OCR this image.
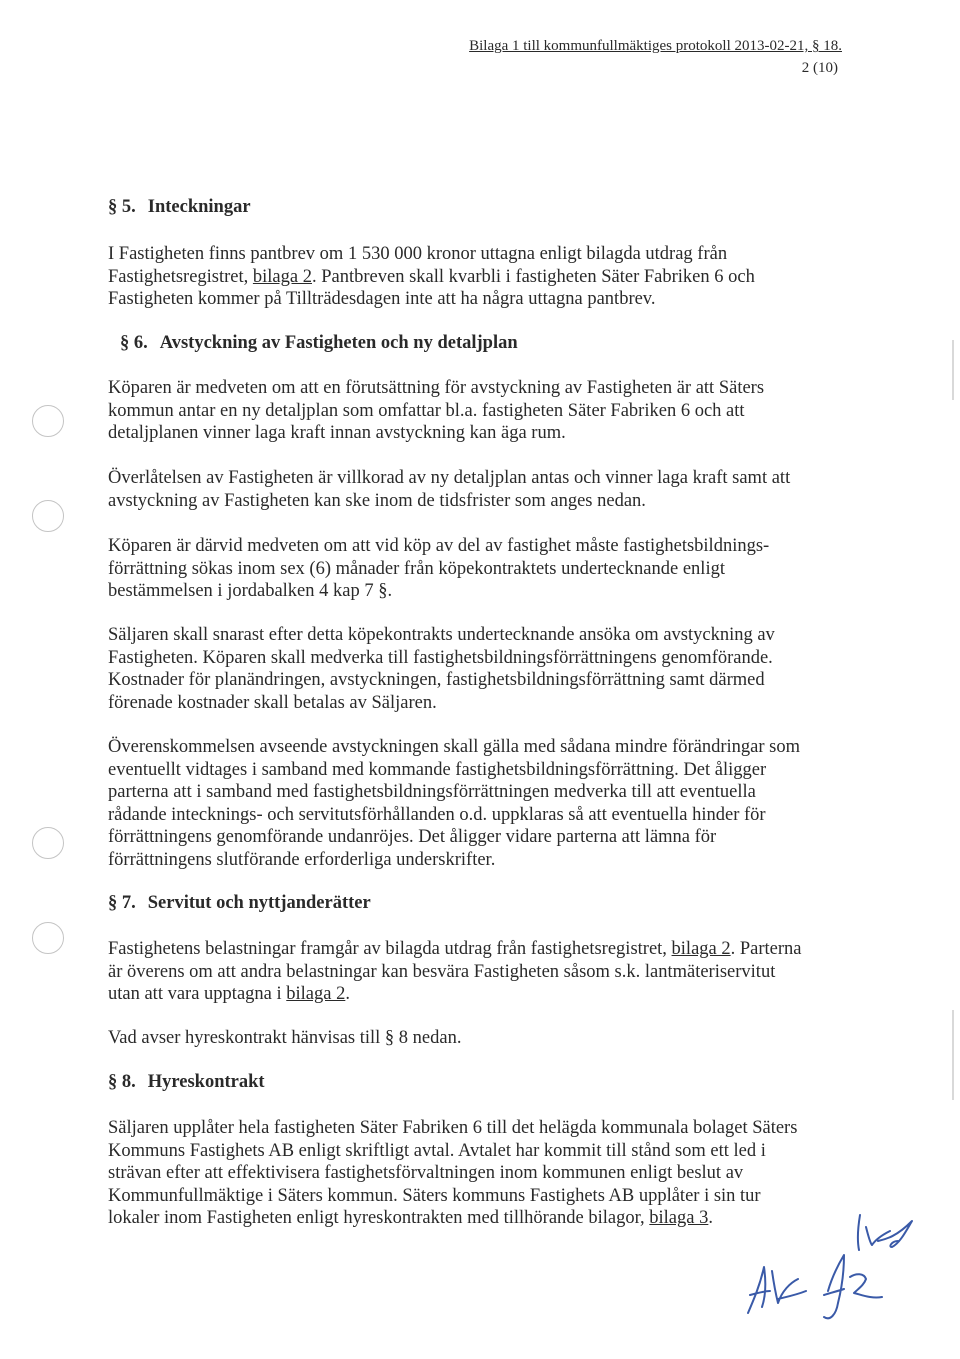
Bilaga 1 till kommunfullmäktiges protokoll 2013-02-21, § 18.
2 (10)
§ 5. Inteckningar
I Fastigheten finns pantbrev om 1 530 000 kronor uttagna enligt bilagda utdrag från
Fastighetsregistret, bilaga 2. Pantbreven skall kvarbli i fastigheten Säter Fabriken 6 och
Fastigheten kommer på Tillträdesdagen inte att ha några uttagna pantbrev.
§ 6. Avstyckning av Fastigheten och ny detaljplan
Köparen är medveten om att en förutsättning för avstyckning av Fastigheten är att Säters
kommun antar en ny detaljplan som omfattar bl.a. fastigheten Säter Fabriken 6 och att
detaljplanen vinner laga kraft innan avstyckning kan äga rum.
Överlåtelsen av Fastigheten är villkorad av ny detaljplan antas och vinner laga kraft samt att
avstyckning av Fastigheten kan ske inom de tidsfrister som anges nedan.
Köparen är därvid medveten om att vid köp av del av fastighet måste fastighetsbildnings-
förrättning sökas inom sex (6) månader från köpekontraktets undertecknande enligt
bestämmelsen i jordabalken 4 kap 7 §.
Säljaren skall snarast efter detta köpekontrakts undertecknande ansöka om avstyckning av
Fastigheten. Köparen skall medverka till fastighetsbildningsförrättningens genomförande.
Kostnader för planändringen, avstyckningen, fastighetsbildningsförrättning samt därmed
förenade kostnader skall betalas av Säljaren.
Överenskommelsen avseende avstyckningen skall gälla med sådana mindre förändringar som
eventuellt vidtages i samband med kommande fastighetsbildningsförrättning. Det åligger
parterna att i samband med fastighetsbildningsförrättningen medverka till att eventuella
rådande intecknings- och servitutsförhållanden o.d. uppklaras så att eventuella hinder för
förrättningens genomförande undanröjes. Det åligger vidare parterna att lämna för
förrättningens slutförande erforderliga underskrifter.
§ 7. Servitut och nyttjanderätter
Fastighetens belastningar framgår av bilagda utdrag från fastighetsregistret, bilaga 2. Parterna
är överens om att andra belastningar kan besvära Fastigheten såsom s.k. lantmäteriservitut
utan att vara upptagna i bilaga 2.
Vad avser hyreskontrakt hänvisas till § 8 nedan.
§ 8. Hyreskontrakt
Säljaren upplåter hela fastigheten Säter Fabriken 6 till det helägda kommunala bolaget Säters
Kommuns Fastighets AB enligt skriftligt avtal. Avtalet har kommit till stånd som ett led i
strävan efter att effektivisera fastighetsförvaltningen inom kommunen enligt beslut av
Kommunfullmäktige i Säters kommun. Säters kommuns Fastighets AB upplåter i sin tur
lokaler inom Fastigheten enligt hyreskontrakten med tillhörande bilagor, bilaga 3.
